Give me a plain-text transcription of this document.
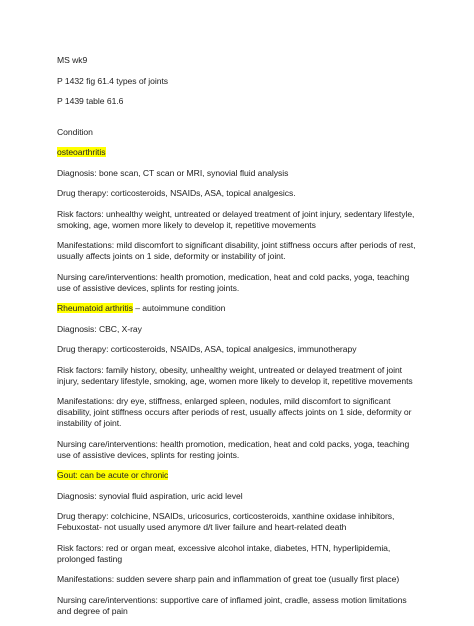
MS wk9

P 1432 fig 61.4 types of joints

P 1439 table 61.6

Condition

osteoarthritis

Diagnosis: bone scan, CT scan or MRI, synovial fluid analysis

Drug therapy: corticosteroids, NSAIDs, ASA, topical analgesics.

Risk factors: unhealthy weight, untreated or delayed treatment of joint injury, sedentary lifestyle, smoking, age, women more likely to develop it, repetitive movements

Manifestations: mild discomfort to significant disability, joint stiffness occurs after periods of rest, usually affects joints on 1 side, deformity or instability of joint.

Nursing care/interventions: health promotion, medication, heat and cold packs, yoga, teaching use of assistive devices, splints for resting joints.

Rheumatoid arthritis – autoimmune condition

Diagnosis: CBC, X-ray

Drug therapy: corticosteroids, NSAIDs, ASA, topical analgesics, immunotherapy

Risk factors: family history, obesity, unhealthy weight, untreated or delayed treatment of joint injury, sedentary lifestyle, smoking, age, women more likely to develop it, repetitive movements

Manifestations: dry eye, stiffness, enlarged spleen, nodules, mild discomfort to significant disability, joint stiffness occurs after periods of rest, usually affects joints on 1 side, deformity or instability of joint.

Nursing care/interventions: health promotion, medication, heat and cold packs, yoga, teaching use of assistive devices, splints for resting joints.

Gout: can be acute or chronic

Diagnosis: synovial fluid aspiration, uric acid level

Drug therapy: colchicine, NSAIDs, uricosurics, corticosteroids, xanthine oxidase inhibitors, Febuxostat- not usually used anymore d/t liver failure and heart-related death

Risk factors: red or organ meat, excessive alcohol intake, diabetes, HTN, hyperlipidemia, prolonged fasting

Manifestations: sudden severe sharp pain and inflammation of great toe (usually first place)

Nursing care/interventions: supportive care of inflamed joint, cradle, assess motion limitations and degree of pain
